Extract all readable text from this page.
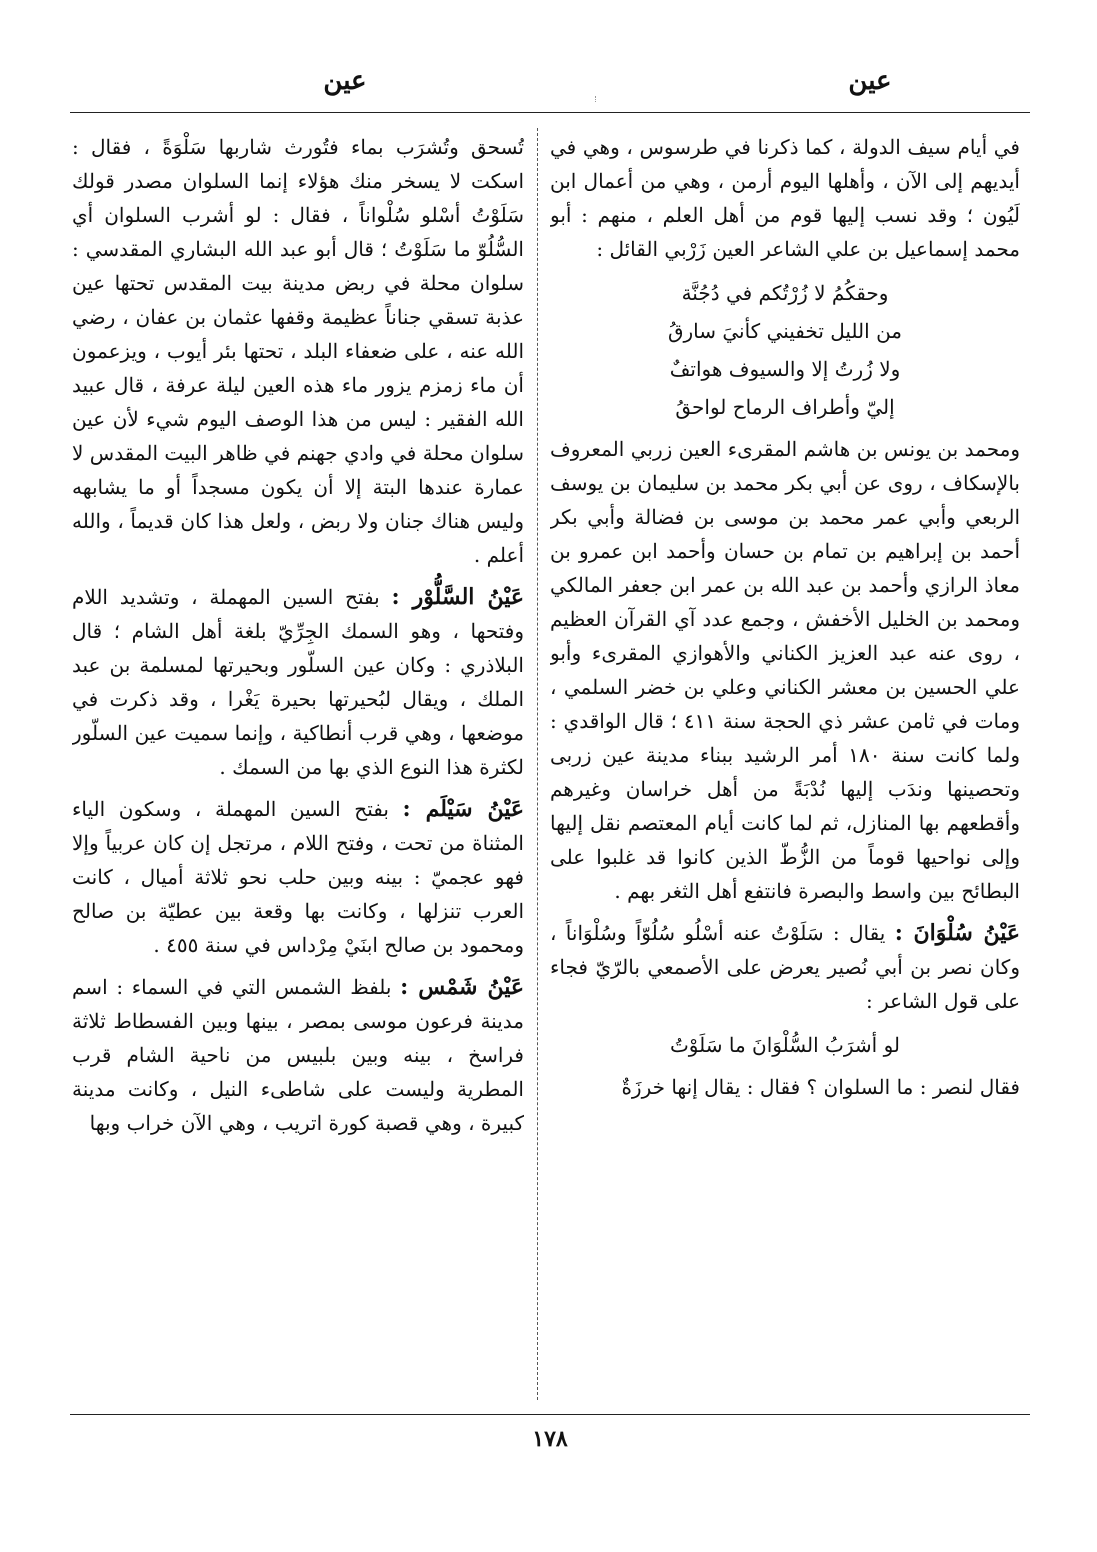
عين
عين

في أيام سيف الدولة ، كما ذكرنا في طرسوس ، وهي في أيديهم إلى الآن ، وأهلها اليوم أرمن ، وهي من أعمال ابن لَيُون ؛ وقد نسب إليها قوم من أهل العلم ، منهم : أبو محمد إسماعيل بن علي الشاعر العين زَرْبي القائل :

وحقكُمُ لا زُرْتُكم في دُجُنَّة
من الليل تخفيني كأنيَ سارقُ
ولا زُرتُ إلا والسيوف هواتفٌ
إليّ وأطراف الرماح لواحقُ

ومحمد بن يونس بن هاشم المقرىء العين زربي المعروف بالإسكاف ، روى عن أبي بكر محمد بن سليمان بن يوسف الربعي وأبي عمر محمد بن موسى بن فضالة وأبي بكر أحمد بن إبراهيم بن تمام بن حسان وأحمد ابن عمرو بن معاذ الرازي وأحمد بن عبد الله بن عمر ابن جعفر المالكي ومحمد بن الخليل الأخفش ، وجمع عدد آي القرآن العظيم ، روى عنه عبد العزيز الكناني والأهوازي المقرىء وأبو علي الحسين بن معشر الكناني وعلي بن خضر السلمي ، ومات في ثامن عشر ذي الحجة سنة ٤١١ ؛ قال الواقدي : ولما كانت سنة ١٨٠ أمر الرشيد ببناء مدينة عين زربى وتحصينها وندَب إليها نُدْبَةً من أهل خراسان وغيرهم وأقطعهم بها المنازل، ثم لما كانت أيام المعتصم نقل إليها وإلى نواحيها قوماً من الزُّطّ الذين كانوا قد غلبوا على البطائح بين واسط والبصرة فانتفع أهل الثغر بهم .

عَيْنُ سُلْوَانَ : يقال : سَلَوْتُ عنه أسْلُو سُلُوّاً وسُلْوَاناً ، وكان نصر بن أبي نُصير يعرض على الأصمعي بالرّيّ فجاء على قول الشاعر :

لو أشرَبُ السُّلْوَانَ ما سَلَوْتُ

فقال لنصر : ما السلوان ؟ فقال : يقال إنها خرزَةٌ

تُسحق وتُشرَب بماء فتُورث شاربها سَلْوَةً ، فقال : اسكت لا يسخر منك هؤلاء إنما السلوان مصدر قولك سَلَوْتُ أسْلو سُلْواناً ، فقال : لو أشرب السلوان أي السُّلُوّ ما سَلَوْتُ ؛ قال أبو عبد الله البشاري المقدسي : سلوان محلة في ربض مدينة بيت المقدس تحتها عين عذبة تسقي جناناً عظيمة وقفها عثمان بن عفان ، رضي الله عنه ، على ضعفاء البلد ، تحتها بئر أيوب ، ويزعمون أن ماء زمزم يزور ماء هذه العين ليلة عرفة ، قال عبيد الله الفقير : ليس من هذا الوصف اليوم شيء لأن عين سلوان محلة في وادي جهنم في ظاهر البيت المقدس لا عمارة عندها البتة إلا أن يكون مسجداً أو ما يشابهه وليس هناك جنان ولا ربض ، ولعل هذا كان قديماً ، والله أعلم .

عَيْنُ السَّلُّوْر : بفتح السين المهملة ، وتشديد اللام وفتحها ، وهو السمك الجِرِّيّ بلغة أهل الشام ؛ قال البلاذري : وكان عين السلّور وبحيرتها لمسلمة بن عبد الملك ، ويقال لبُحيرتها بحيرة يَغْرا ، وقد ذكرت في موضعها ، وهي قرب أنطاكية ، وإنما سميت عين السلّور لكثرة هذا النوع الذي بها من السمك .

عَيْنُ سَيْلَم : بفتح السين المهملة ، وسكون الياء المثناة من تحت ، وفتح اللام ، مرتجل إن كان عربياً وإلا فهو عجميّ : بينه وبين حلب نحو ثلاثة أميال ، كانت العرب تنزلها ، وكانت بها وقعة بين عطيّة بن صالح ومحمود بن صالح ابنَيْ مِرْداس في سنة ٤٥٥ .

عَيْنُ شَمْس : بلفظ الشمس التي في السماء : اسم مدينة فرعون موسى بمصر ، بينها وبين الفسطاط ثلاثة فراسخ ، بينه وبين بلبيس من ناحية الشام قرب المطرية وليست على شاطىء النيل ، وكانت مدينة كبيرة ، وهي قصبة كورة اتريب ، وهي الآن خراب وبها

١٧٨
